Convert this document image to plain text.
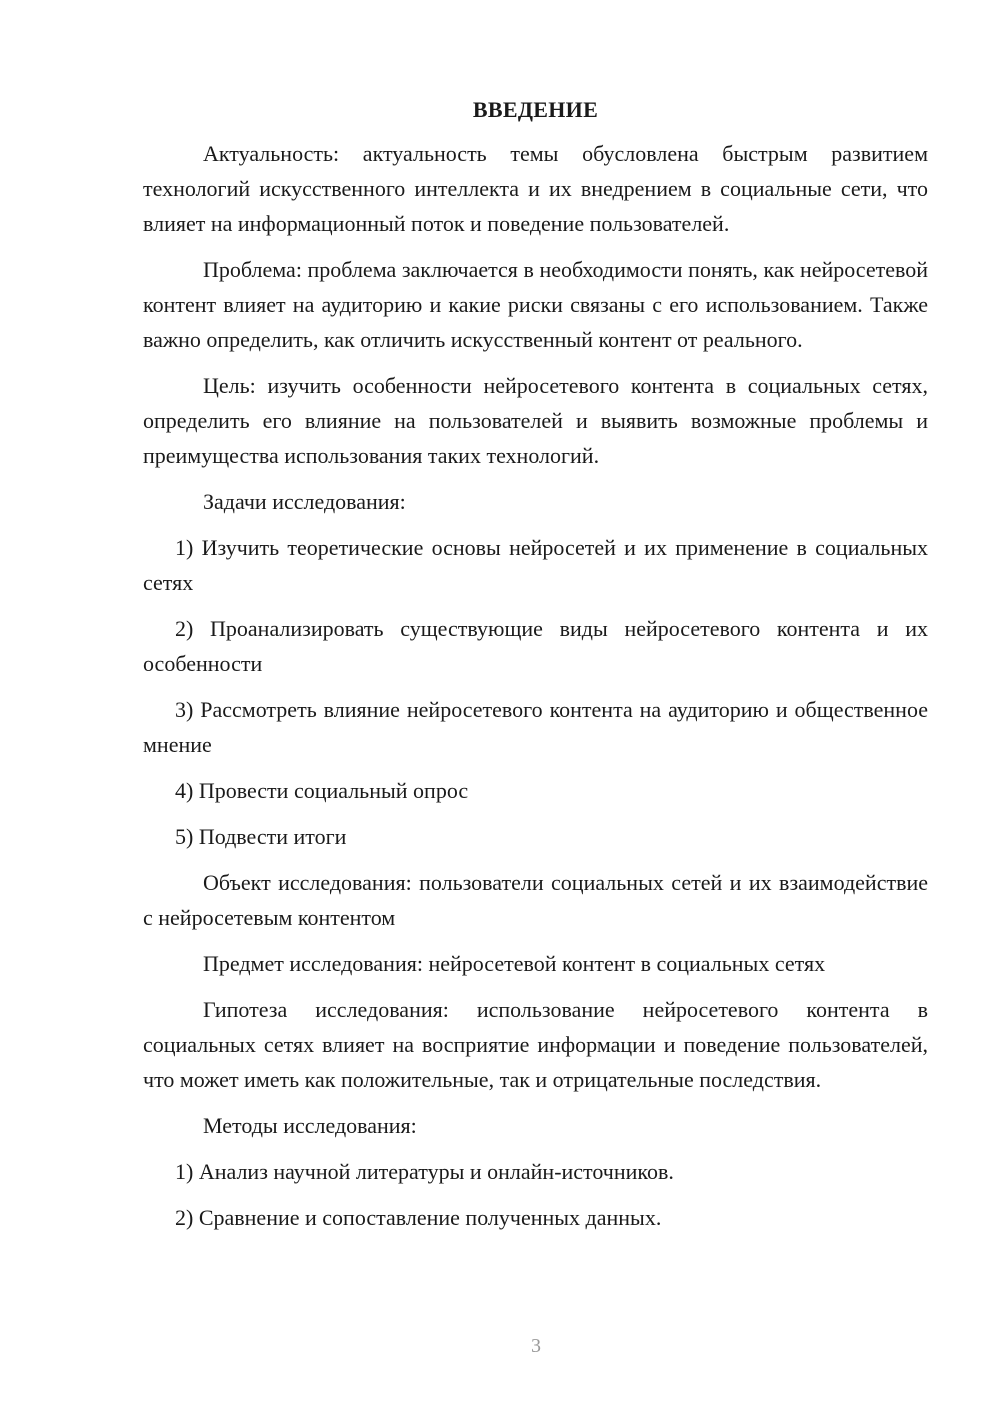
ВВЕДЕНИЕ

Актуальность: актуальность темы обусловлена быстрым развитием технологий искусственного интеллекта и их внедрением в социальные сети, что влияет на информационный поток и поведение пользователей.

Проблема: проблема заключается в необходимости понять, как нейросетевой контент влияет на аудиторию и какие риски связаны с его использованием. Также важно определить, как отличить искусственный контент от реального.

Цель: изучить особенности нейросетевого контента в социальных сетях, определить его влияние на пользователей и выявить возможные проблемы и преимущества использования таких технологий.

Задачи исследования:

1) Изучить теоретические основы нейросетей и их применение в социальных сетях

2) Проанализировать существующие виды нейросетевого контента и их особенности

3) Рассмотреть влияние нейросетевого контента на аудиторию и общественное мнение

4) Провести социальный опрос

5) Подвести итоги

Объект исследования: пользователи социальных сетей и их взаимодействие с нейросетевым контентом

Предмет исследования: нейросетевой контент в социальных сетях

Гипотеза исследования: использование нейросетевого контента в социальных сетях влияет на восприятие информации и поведение пользователей, что может иметь как положительные, так и отрицательные последствия.

Методы исследования:

1) Анализ научной литературы и онлайн-источников.

2) Сравнение и сопоставление полученных данных.

3
